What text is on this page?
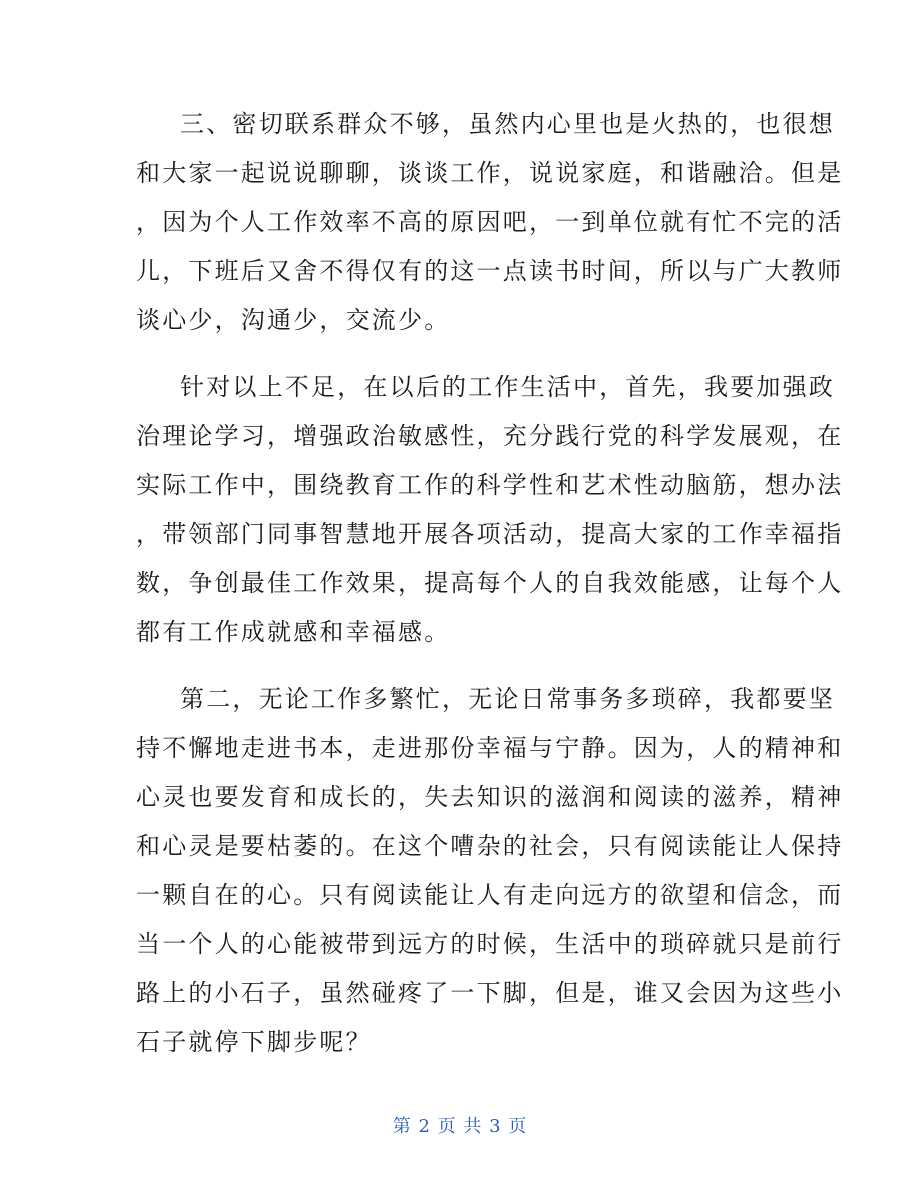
三、密切联系群众不够，虽然内心里也是火热的，也很想
和大家一起说说聊聊，谈谈工作，说说家庭，和谐融洽。但是
，因为个人工作效率不高的原因吧，一到单位就有忙不完的活
儿，下班后又舍不得仅有的这一点读书时间，所以与广大教师
谈心少，沟通少，交流少。
针对以上不足，在以后的工作生活中，首先，我要加强政
治理论学习，增强政治敏感性，充分践行党的科学发展观，在
实际工作中，围绕教育工作的科学性和艺术性动脑筋，想办法
，带领部门同事智慧地开展各项活动，提高大家的工作幸福指
数，争创最佳工作效果，提高每个人的自我效能感，让每个人
都有工作成就感和幸福感。
第二，无论工作多繁忙，无论日常事务多琐碎，我都要坚
持不懈地走进书本，走进那份幸福与宁静。因为，人的精神和
心灵也要发育和成长的，失去知识的滋润和阅读的滋养，精神
和心灵是要枯萎的。在这个嘈杂的社会，只有阅读能让人保持
一颗自在的心。只有阅读能让人有走向远方的欲望和信念，而
当一个人的心能被带到远方的时候，生活中的琐碎就只是前行
路上的小石子，虽然碰疼了一下脚，但是，谁又会因为这些小
石子就停下脚步呢？
第 2 页 共 3 页
